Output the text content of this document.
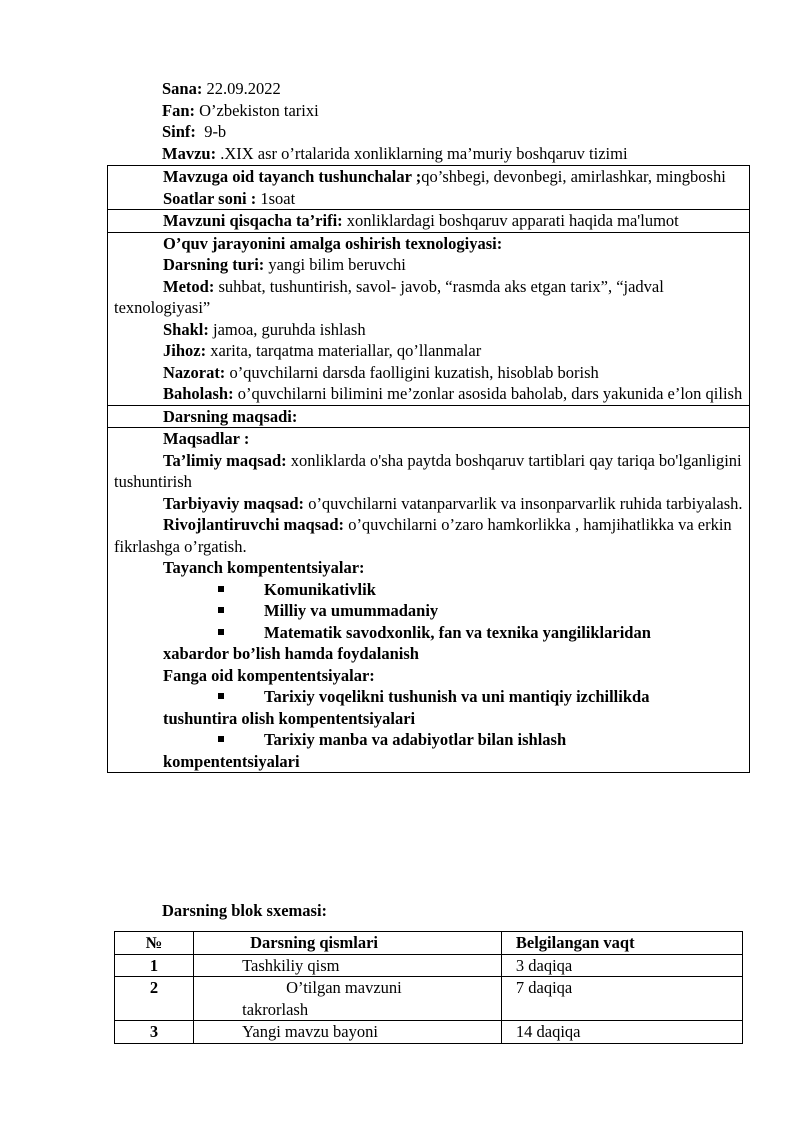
Sana: 22.09.2022
Fan: O’zbekiston tarixi
Sinf:  9-b
Mavzu: .XIX asr o’rtalarida xonliklarning ma’muriy boshqaruv tizimi
Mavzuga oid tayanch tushunchalar ;qo’shbegi, devonbegi, amirlashkar, mingboshi
Soatlar soni : 1soat
Mavzuni qisqacha ta’rifi: xonliklardagi boshqaruv apparati haqida ma'lumot
O’quv jarayonini amalga oshirish texnologiyasi:
Darsning turi: yangi bilim beruvchi
Metod: suhbat, tushuntirish, savol- javob, “rasmda aks etgan tarix”, “jadval texnologiyasi”
Shakl: jamoa, guruhda ishlash
Jihoz: xarita, tarqatma materiallar, qo’llanmalar
Nazorat: o’quvchilarni darsda faolligini kuzatish, hisoblab borish
Baholash: o’quvchilarni bilimini me’zonlar asosida baholab, dars yakunida e’lon qilish
Darsning maqsadi:
Maqsadlar :
Ta’limiy maqsad: xonliklarda o'sha paytda boshqaruv tartiblari qay tariqa bo'lganligini tushuntirish
Tarbiyaviy maqsad: o’quvchilarni vatanparvarlik va insonparvarlik ruhida tarbiyalash.
Rivojlantiruvchi maqsad: o’quvchilarni o’zaro hamkorlikka , hamjihatlikka va erkin fikrlashga o’rgatish.
Tayanch kompententsiyalar:
Komunikativlik
Milliy va umummadaniy
Matematik savodxonlik, fan va texnika yangiliklaridan
xabardor bo’lish hamda foydalanish
Fanga oid kompententsiyalar:
Tarixiy voqelikni tushunish va uni mantiqiy izchillikda
tushuntira olish kompententsiyalari
Tarixiy manba va adabiyotlar bilan ishlash
kompententsiyalari
Darsning blok sxemasi:
№	Darsning qismlari	Belgilangan vaqt
1	Tashkiliy qism	3 daqiqa
2	O’tilgan mavzuni takrorlash	7 daqiqa
3	Yangi mavzu bayoni	14 daqiqa
